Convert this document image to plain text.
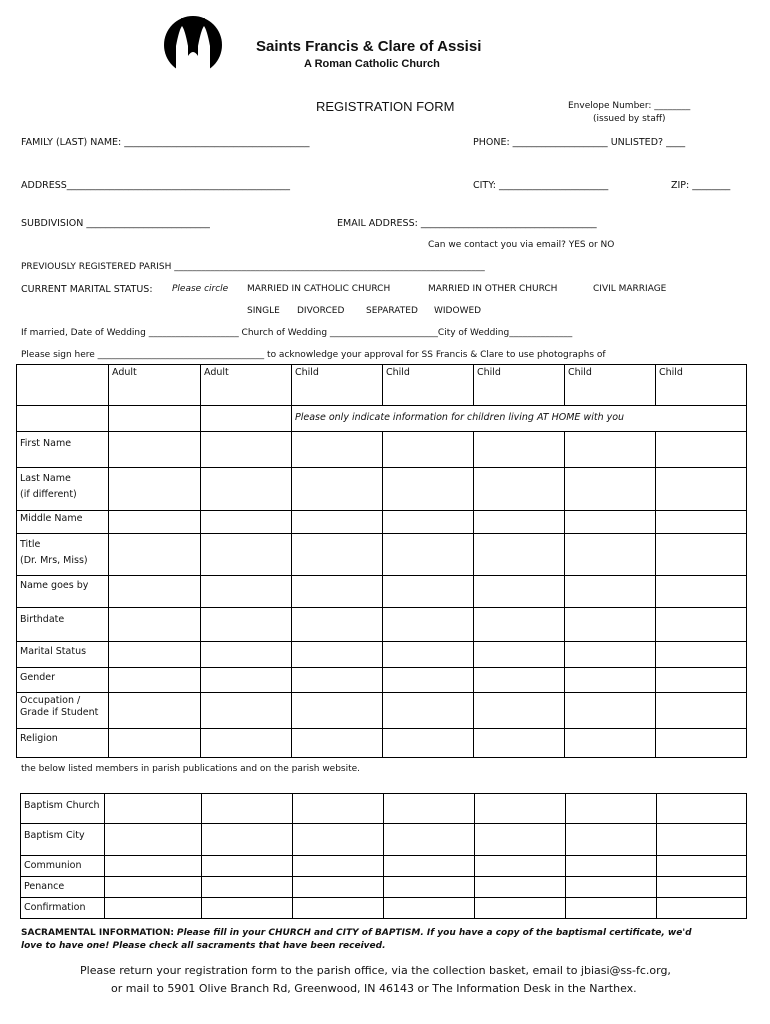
Saints Francis & Clare of Assisi
A Roman Catholic Church
REGISTRATION FORM	Envelope Number: ________
(issued by staff)
FAMILY (LAST) NAME: _______________________________________	PHONE: ____________________ UNLISTED? ____
ADDRESS_______________________________________________	CITY: _______________________	ZIP: ________
SUBDIVISION __________________________	EMAIL ADDRESS: _____________________________________
Can we contact you via email? YES or NO
PREVIOUSLY REGISTERED PARISH _____________________________________________________________________
CURRENT MARITAL STATUS: Please circle MARRIED IN CATHOLIC CHURCH	MARRIED IN OTHER CHURCH	CIVIL MARRIAGE
SINGLE DIVORCED SEPARATED WIDOWED
If married, Date of Wedding ____________________ Church of Wedding ________________________City of Wedding______________
Please sign here _____________________________________ to acknowledge your approval for SS Francis & Clare to use photographs of
	Adult	Adult	Child	Child	Child	Child	Child
			Please only indicate information for children living AT HOME with you				
First Name							
Last Name
(if different)							

Middle Name							
Title
(Dr. Mrs, Miss)							

Name goes by							
Birthdate							
Marital Status							
Gender							
Occupation /
Grade if Student							
Religion							
the below listed members in parish publications and on the parish website.
Baptism Church							
Baptism City							
Communion							
Penance							
Confirmation							
SACRAMENTAL INFORMATION: Please fill in your CHURCH and CITY of BAPTISM. If you have a copy of the baptismal certificate, we'd
love to have one! Please check all sacraments that have been received.
Please return your registration form to the parish office, via the collection basket, email to jbiasi@ss-fc.org,
or mail to 5901 Olive Branch Rd, Greenwood, IN 46143 or The Information Desk in the Narthex.
